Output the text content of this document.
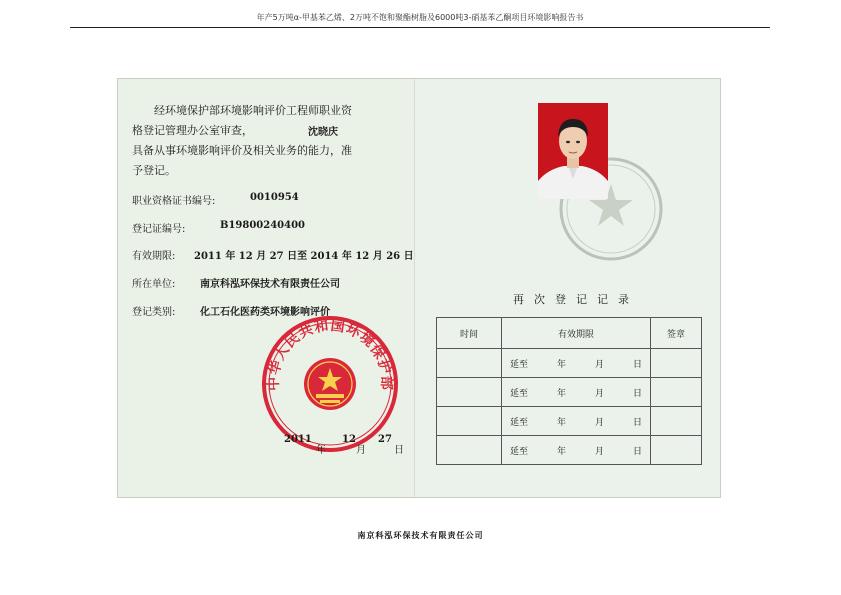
年产5万吨α-甲基苯乙烯、2万吨不饱和聚酯树脂及6000吨3-硝基苯乙酮项目环境影响报告书
经环境保护部环境影响评价工程师职业资
格登记管理办公室审查，
具备从事环境影响评价及相关业务的能力，准
予登记。
沈晓庆
职业资格证书编号:	0010954
登记证编号:	B19800240400
有效期限: 2011 年 12 月 27 日至 2014 年 12 月 26 日
所在单位: 南京科泓环保技术有限责任公司
登记类别: 化工石化医药类环境影响评价
中华人民共和国环境保护部
2011	12 27
年	月	日
再次登记记录
时间	有效期限	签章

	延至 年 月 日	

	延至 年 月 日	

	延至 年 月 日	

	延至 年 月 日	

南京科泓环保技术有限责任公司
